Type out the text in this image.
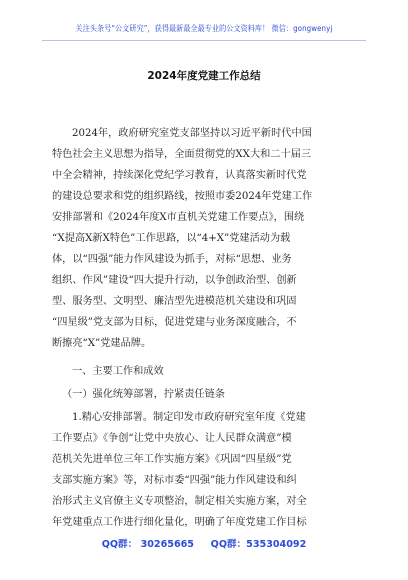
关注头条号“公文研究”，获得最新最全最专业的公文资料库！ 微信：gongwenyj
2024年度党建工作总结
2024年，政府研究室党支部坚持以习近平新时代中国
特色社会主义思想为指导，全面贯彻党的XX大和二十届三
中全会精神，持续深化党纪学习教育，认真落实新时代党
的建设总要求和党的组织路线，按照市委2024年党建工作
安排部署和《2024年度X市直机关党建工作要点》，围绕
“X提高X新X特色”工作思路，以“4+X”党建活动为载
体，以“四强”能力作风建设为抓手，对标“思想、业务
组织、作风”建设“四大提升行动，以争创政治型、创新
型、服务型、文明型、廉洁型先进模范机关建设和巩固
“四星级”党支部为目标，促进党建与业务深度融合，不
断擦亮“X”党建品牌。
一、主要工作和成效
（一）强化统筹部署，拧紧责任链条
1.精心安排部署。制定印发市政府研究室年度《党建
工作要点》《争创“让党中央放心、让人民群众满意”模
范机关先进单位三年工作实施方案》《巩固“四星级”党
支部实施方案》等，对标市委“四强”能力作风建设和纠
治形式主义官僚主义专项整治，制定相关实施方案，对全
年党建重点工作进行细化量化，明确了年度党建工作目标
QQ群： 30265665     QQ群：535304092
